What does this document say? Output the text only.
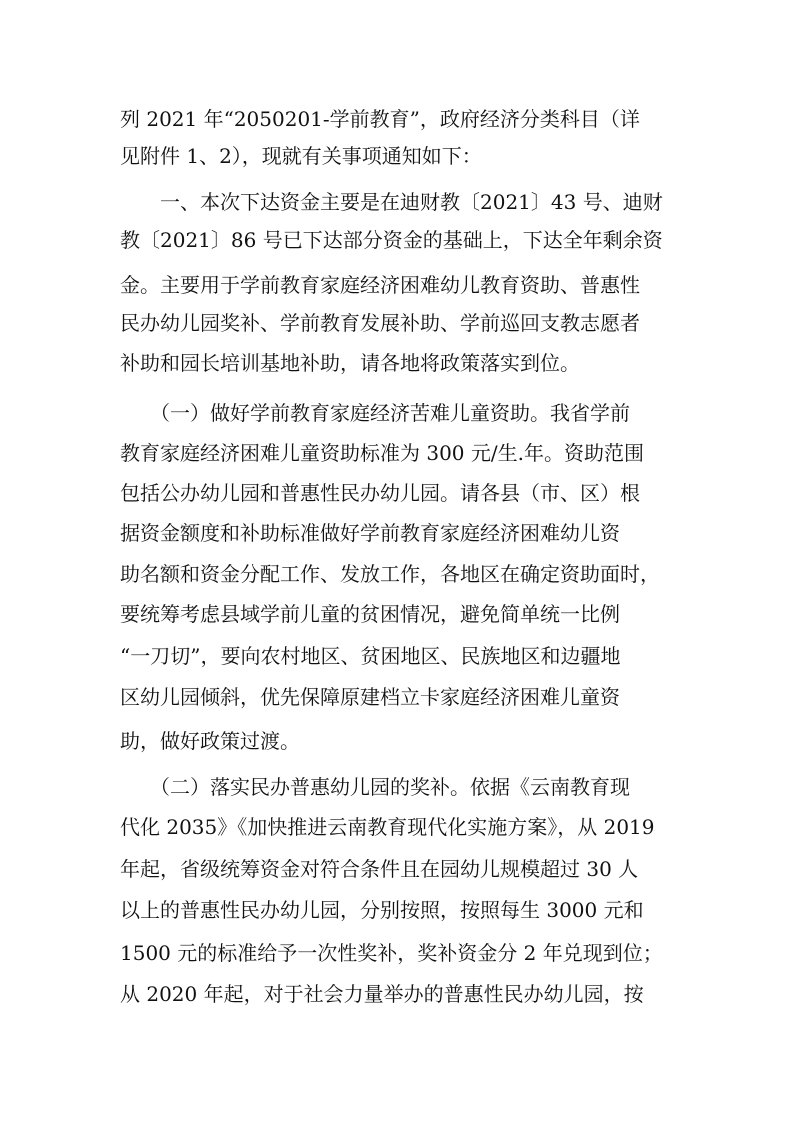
列 2021 年“2050201-学前教育”，政府经济分类科目（详
见附件 1、2），现就有关事项通知如下：
　　一、本次下达资金主要是在迪财教〔2021〕43 号、迪财
教〔2021〕86 号已下达部分资金的基础上，下达全年剩余资
金。主要用于学前教育家庭经济困难幼儿教育资助、普惠性
民办幼儿园奖补、学前教育发展补助、学前巡回支教志愿者
补助和园长培训基地补助，请各地将政策落实到位。
　　（一）做好学前教育家庭经济苦难儿童资助。我省学前
教育家庭经济困难儿童资助标准为 300 元/生.年。资助范围
包括公办幼儿园和普惠性民办幼儿园。请各县（市、区）根
据资金额度和补助标准做好学前教育家庭经济困难幼儿资
助名额和资金分配工作、发放工作，各地区在确定资助面时，
要统筹考虑县域学前儿童的贫困情况，避免简单统一比例
“一刀切”，要向农村地区、贫困地区、民族地区和边疆地
区幼儿园倾斜，优先保障原建档立卡家庭经济困难儿童资
助，做好政策过渡。
　　（二）落实民办普惠幼儿园的奖补。依据《云南教育现
代化 2035》《加快推进云南教育现代化实施方案》，从 2019
年起，省级统筹资金对符合条件且在园幼儿规模超过 30 人
以上的普惠性民办幼儿园，分别按照，按照每生 3000 元和
1500 元的标准给予一次性奖补，奖补资金分 2 年兑现到位；
从 2020 年起，对于社会力量举办的普惠性民办幼儿园，按
